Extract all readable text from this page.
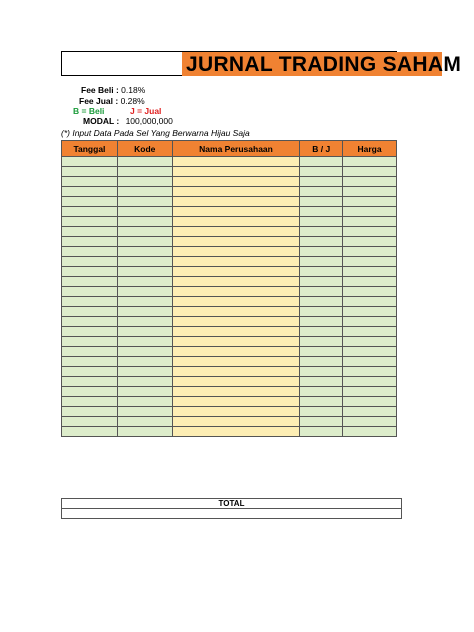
JURNAL TRADING SAHAM
Fee Beli : 0.18%
Fee Jual : 0.28%
B = Beli	J = Jual
MODAL : 100,000,000
(*) Input Data Pada Sel Yang Berwarna Hijau Saja
Tanggal	Kode	Nama Perusahaan	B / J	Harga

TOTAL
